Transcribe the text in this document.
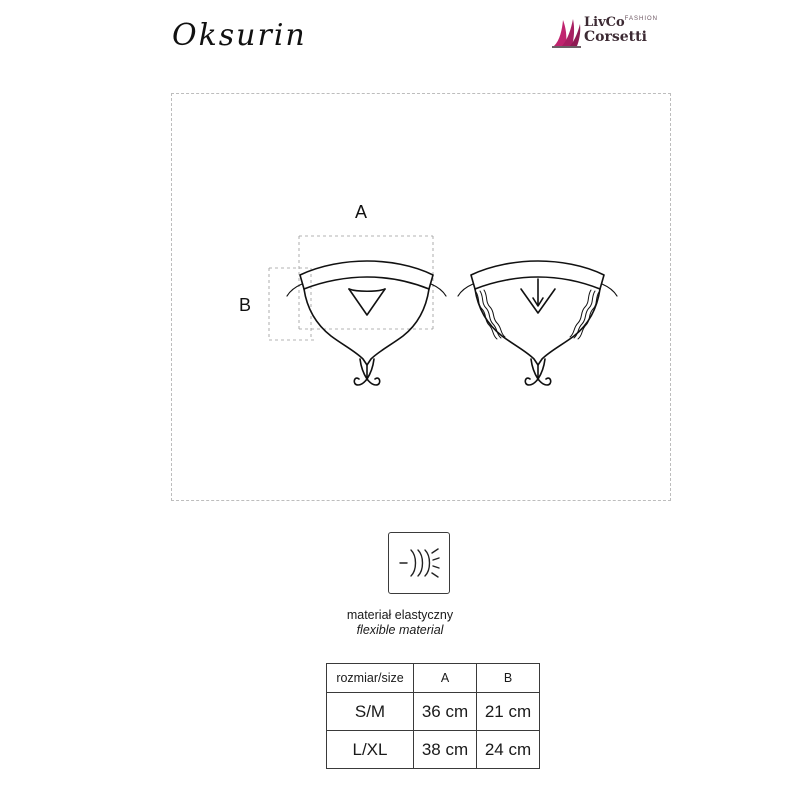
Oksurin	LivCo$^{FASHION}$
Corsetti
A
B
materiał elastyczny
flexible material
rozmiar/size	A	B
S/M	36 cm	21 cm
L/XL	38 cm	24 cm
